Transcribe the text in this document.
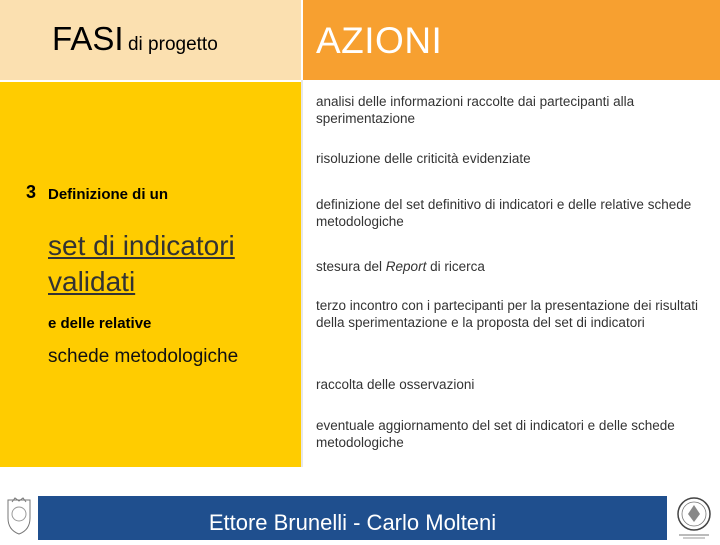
FASI di progetto	AZIONI
3 Definizione di un
set di indicatori validati
e delle relative
schede metodologiche
analisi delle informazioni raccolte dai partecipanti alla sperimentazione
risoluzione delle criticità evidenziate
definizione del set definitivo di indicatori e delle relative schede metodologiche
stesura del Report di ricerca
terzo incontro con i partecipanti per la presentazione dei risultati della sperimentazione e la proposta del set di indicatori
raccolta delle osservazioni
eventuale aggiornamento del set di indicatori e delle schede metodologiche
Ettore Brunelli - Carlo Molteni
